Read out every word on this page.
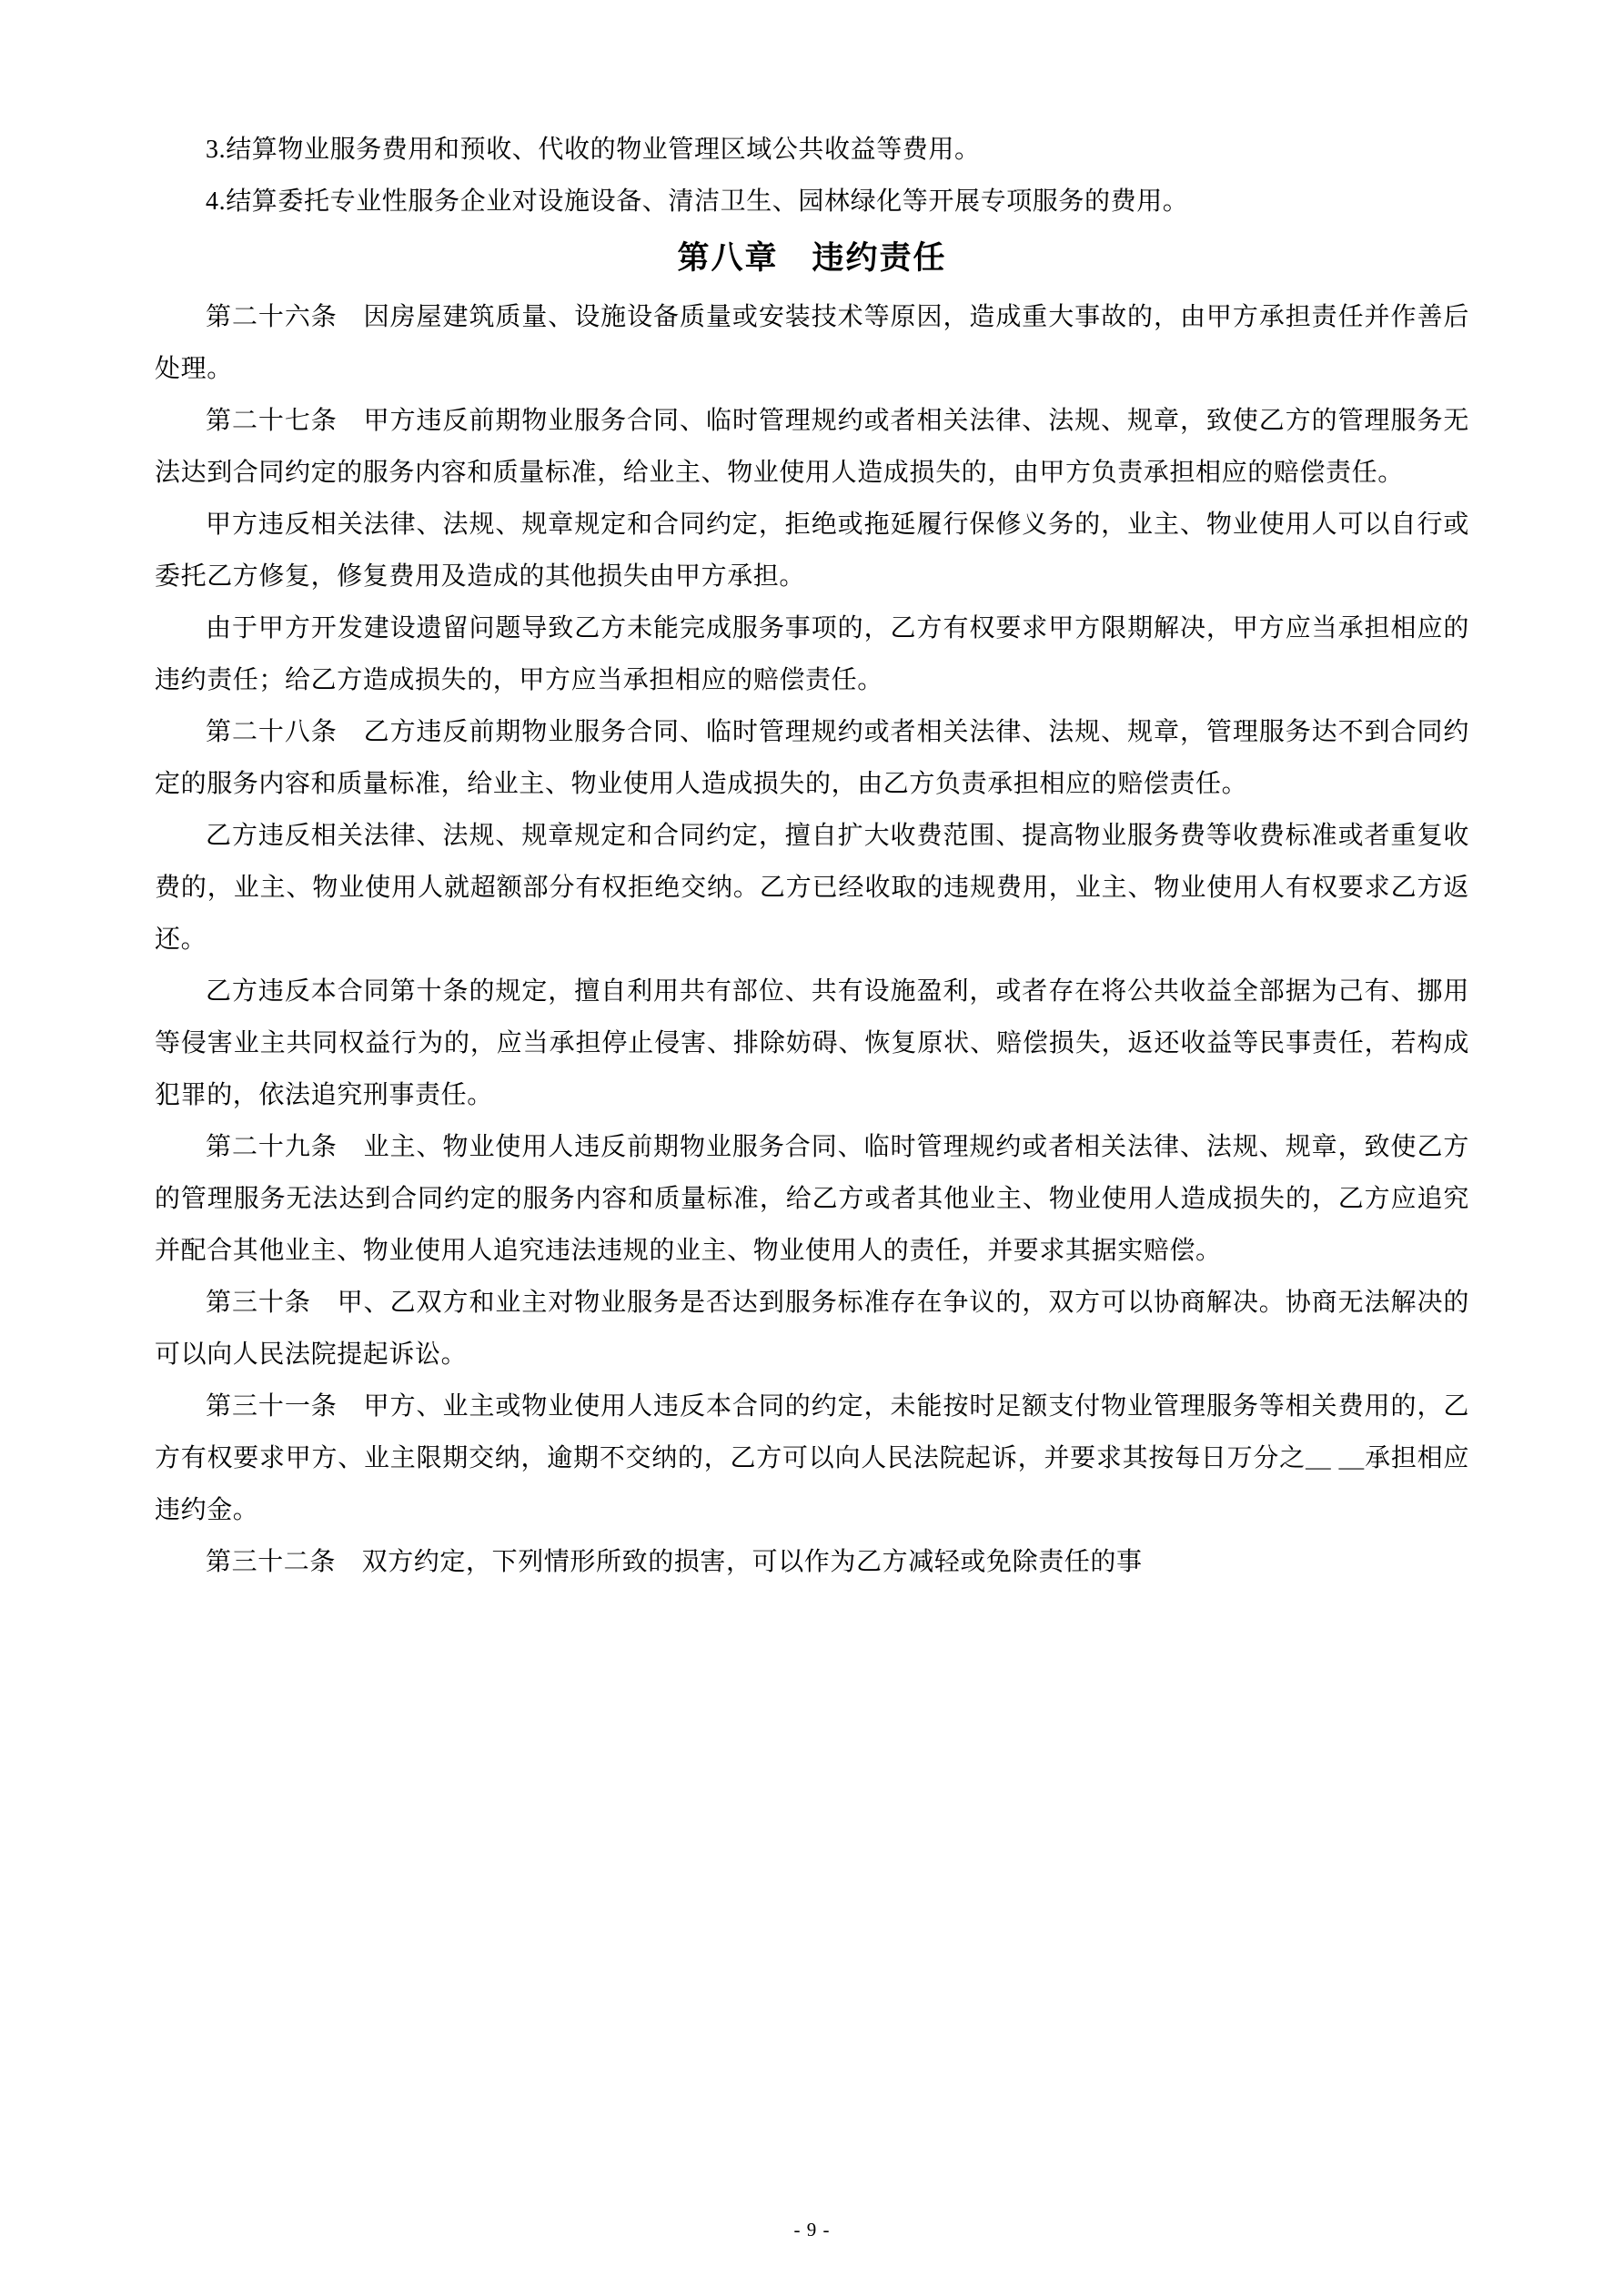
3.结算物业服务费用和预收、代收的物业管理区域公共收益等费用。

4.结算委托专业性服务企业对设施设备、清洁卫生、园林绿化等开展专项服务的费用。

第八章　违约责任

第二十六条　因房屋建筑质量、设施设备质量或安装技术等原因，造成重大事故的，由甲方承担责任并作善后处理。

第二十七条　甲方违反前期物业服务合同、临时管理规约或者相关法律、法规、规章，致使乙方的管理服务无法达到合同约定的服务内容和质量标准，给业主、物业使用人造成损失的，由甲方负责承担相应的赔偿责任。

甲方违反相关法律、法规、规章规定和合同约定，拒绝或拖延履行保修义务的，业主、物业使用人可以自行或委托乙方修复，修复费用及造成的其他损失由甲方承担。

由于甲方开发建设遗留问题导致乙方未能完成服务事项的，乙方有权要求甲方限期解决，甲方应当承担相应的违约责任；给乙方造成损失的，甲方应当承担相应的赔偿责任。

第二十八条　乙方违反前期物业服务合同、临时管理规约或者相关法律、法规、规章，管理服务达不到合同约定的服务内容和质量标准，给业主、物业使用人造成损失的，由乙方负责承担相应的赔偿责任。

乙方违反相关法律、法规、规章规定和合同约定，擅自扩大收费范围、提高物业服务费等收费标准或者重复收费的，业主、物业使用人就超额部分有权拒绝交纳。乙方已经收取的违规费用，业主、物业使用人有权要求乙方返还。

乙方违反本合同第十条的规定，擅自利用共有部位、共有设施盈利，或者存在将公共收益全部据为己有、挪用等侵害业主共同权益行为的，应当承担停止侵害、排除妨碍、恢复原状、赔偿损失，返还收益等民事责任，若构成犯罪的，依法追究刑事责任。

第二十九条　业主、物业使用人违反前期物业服务合同、临时管理规约或者相关法律、法规、规章，致使乙方的管理服务无法达到合同约定的服务内容和质量标准，给乙方或者其他业主、物业使用人造成损失的，乙方应追究并配合其他业主、物业使用人追究违法违规的业主、物业使用人的责任，并要求其据实赔偿。

第三十条　甲、乙双方和业主对物业服务是否达到服务标准存在争议的，双方可以协商解决。协商无法解决的可以向人民法院提起诉讼。

第三十一条　甲方、业主或物业使用人违反本合同的约定，未能按时足额支付物业管理服务等相关费用的，乙方有权要求甲方、业主限期交纳，逾期不交纳的，乙方可以向人民法院起诉，并要求其按每日万分之＿ ＿承担相应违约金。

第三十二条　双方约定，下列情形所致的损害，可以作为乙方减轻或免除责任的事

- 9 -
